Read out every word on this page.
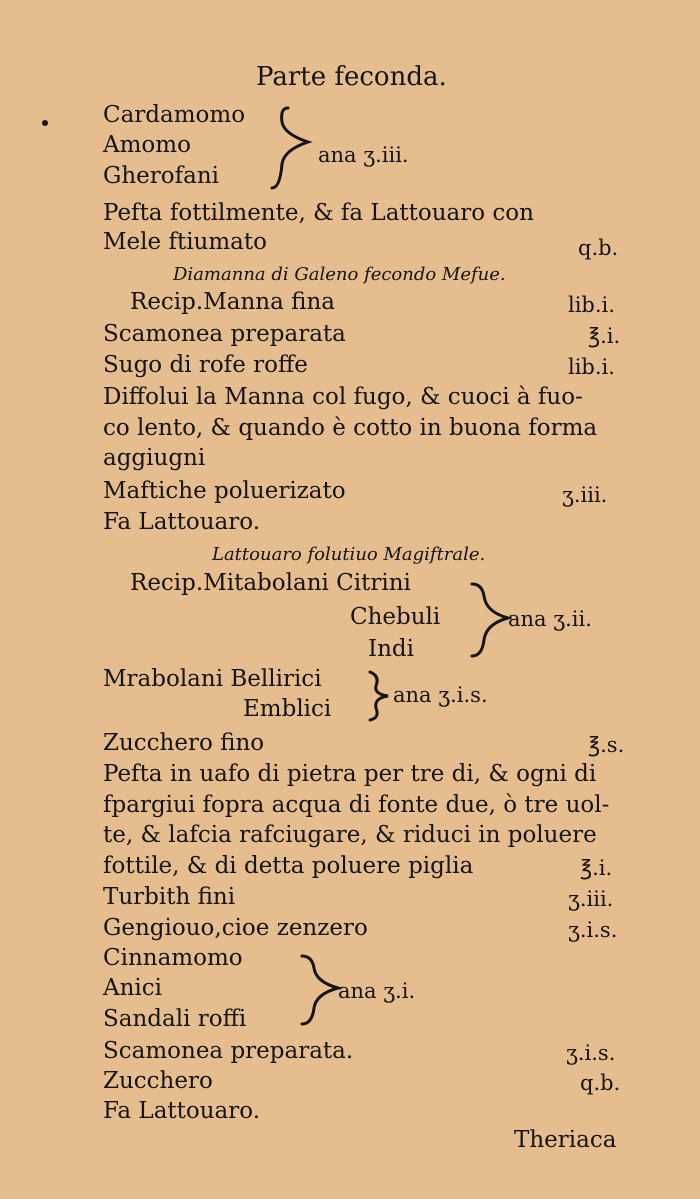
Parte feconda.
Cardamomo
Amomo
Gherofani
ana ʒ.iii.
Pefta fottilmente, & fa Lattouaro con
Mele ftiumato	q.b.
Diamanna di Galeno fecondo Mefue.
Recip.Manna fina	lib.i.
Scamonea preparata	℥.i.
Sugo di rofe roffe	lib.i.
Diffolui la Manna col fugo, & cuoci à fuo-
co lento, & quando è cotto in buona forma
aggiugni
Maftiche poluerizato	ʒ.iii.
Fa Lattouaro.
Lattouaro folutiuo Magiftrale.
Recip.Mitabolani Citrini
Chebuli
Indi
ana ʒ.ii.
Mrabolani Bellirici
Emblici
ana ʒ.i.s.
Zucchero fino	℥.s.
Pefta in uafo di pietra per tre di, & ogni di
fpargiui fopra acqua di fonte due, ò tre uol-
te, & lafcia rafciugare, & riduci in poluere
fottile, & di detta poluere piglia	℥.i.
Turbith fini	ʒ.iii.
Gengiouo,cioe zenzero	ʒ.i.s.
Cinnamomo
Anici
Sandali roffi
ana ʒ.i.
Scamonea preparata.	ʒ.i.s.
Zucchero	q.b.
Fa Lattouaro.
Theriaca
